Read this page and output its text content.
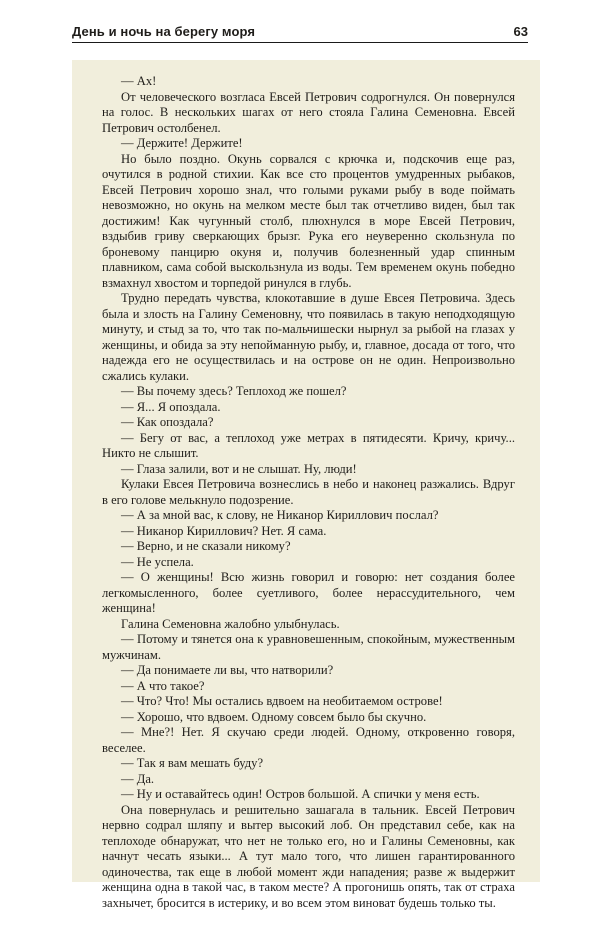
День и ночь на берегу моря	63

— Ах!

От человеческого возгласа Евсей Петрович содрогнулся. Он повернулся на голос. В нескольких шагах от него стояла Галина Семеновна. Евсей Петрович остолбенел.

— Держите! Держите!

Но было поздно. Окунь сорвался с крючка и, подскочив еще раз, очутился в родной стихии. Как все сто процентов умудренных рыбаков, Евсей Петрович хорошо знал, что голыми руками рыбу в воде поймать невозможно, но окунь на мелком месте был так отчетливо виден, был так достижим! Как чугунный столб, плюхнулся в море Евсей Петрович, вздыбив гриву сверкающих брызг. Рука его неуверенно скользнула по броневому панцирю окуня и, получив болезненный удар спинным плавником, сама собой выскользнула из воды. Тем временем окунь победно взмахнул хвостом и торпедой ринулся в глубь.

Трудно передать чувства, клокотавшие в душе Евсея Петровича. Здесь была и злость на Галину Семеновну, что появилась в такую неподходящую минуту, и стыд за то, что так по-мальчишески нырнул за рыбой на глазах у женщины, и обида за эту непойманную рыбу, и, главное, досада от того, что надежда его не осуществилась и на острове он не один. Непроизвольно сжались кулаки.

— Вы почему здесь? Теплоход же пошел?

— Я... Я опоздала.

— Как опоздала?

— Бегу от вас, а теплоход уже метрах в пятидесяти. Кричу, кричу... Никто не слышит.

— Глаза залили, вот и не слышат. Ну, люди!

Кулаки Евсея Петровича вознеслись в небо и наконец разжались. Вдруг в его голове мелькнуло подозрение.

— А за мной вас, к слову, не Никанор Кириллович послал?

— Никанор Кириллович? Нет. Я сама.

— Верно, и не сказали никому?

— Не успела.

— О женщины! Всю жизнь говорил и говорю: нет создания более легкомысленного, более суетливого, более нерассудительного, чем женщина!

Галина Семеновна жалобно улыбнулась.

— Потому и тянется она к уравновешенным, спокойным, мужественным мужчинам.

— Да понимаете ли вы, что натворили?

— А что такое?

— Что? Что! Мы остались вдвоем на необитаемом острове!

— Хорошо, что вдвоем. Одному совсем было бы скучно.

— Мне?! Нет. Я скучаю среди людей. Одному, откровенно говоря, веселее.

— Так я вам мешать буду?

— Да.

— Ну и оставайтесь один! Остров большой. А спички у меня есть.

Она повернулась и решительно зашагала в тальник. Евсей Петрович нервно содрал шляпу и вытер высокий лоб. Он представил себе, как на теплоходе обнаружат, что нет не только его, но и Галины Семеновны, как начнут чесать языки... А тут мало того, что лишен гарантированного одиночества, так еще в любой момент жди нападения; разве ж выдержит женщина одна в такой час, в таком месте? А прогонишь опять, так от страха захнычет, бросится в истерику, и во всем этом виноват будешь только ты.
